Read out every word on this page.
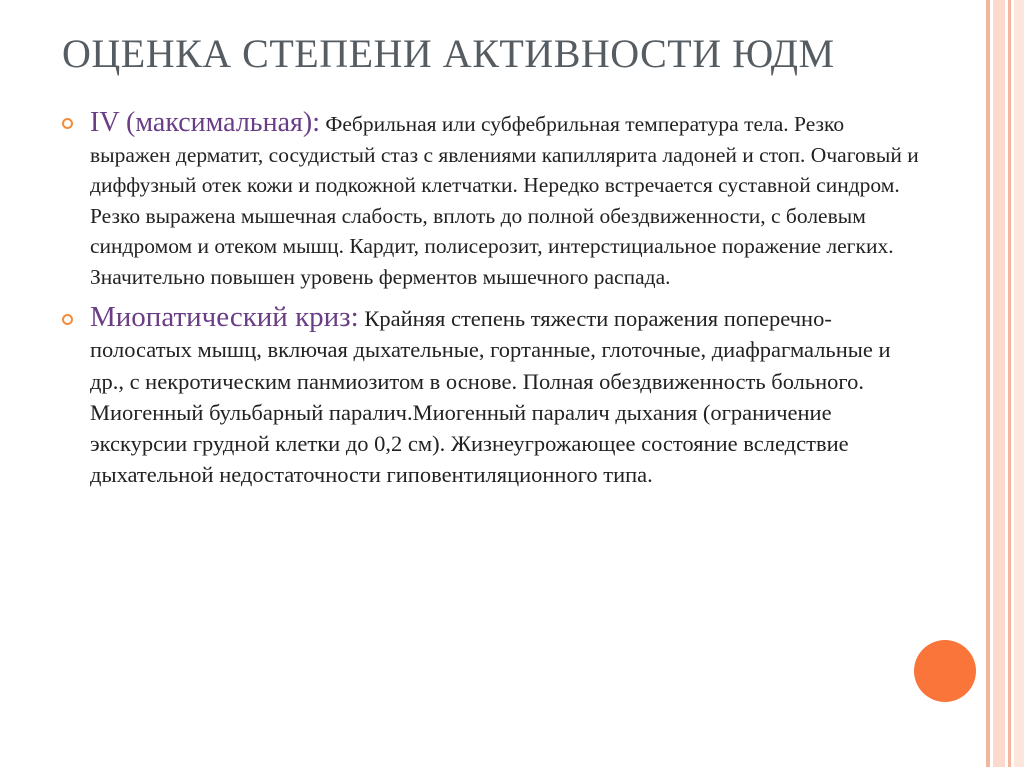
ОЦЕНКА СТЕПЕНИ АКТИВНОСТИ ЮДМ
IV (максимальная): Фебрильная или субфебрильная температура тела. Резко выражен дерматит, сосудистый стаз с явлениями капиллярита ладоней и стоп. Очаговый и диффузный отек кожи и подкожной клетчатки. Нередко встречается суставной синдром. Резко выражена мышечная слабость, вплоть до полной обездвиженности, с болевым синдромом и отеком мышц. Кардит, полисерозит, интерстициальное поражение легких. Значительно повышен уровень ферментов мышечного распада.
Миопатический криз: Крайняя степень тяжести поражения поперечно-полосатых мышц, включая дыхательные, гортанные, глоточные, диафрагмальные и др., с некротическим панмиозитом в основе. Полная обездвиженность больного. Миогенный бульбарный паралич.Миогенный паралич дыхания (ограничение экскурсии грудной клетки до 0,2 см). Жизнеугрожающее состояние вследствие дыхательной недостаточности гиповентиляционного типа.
